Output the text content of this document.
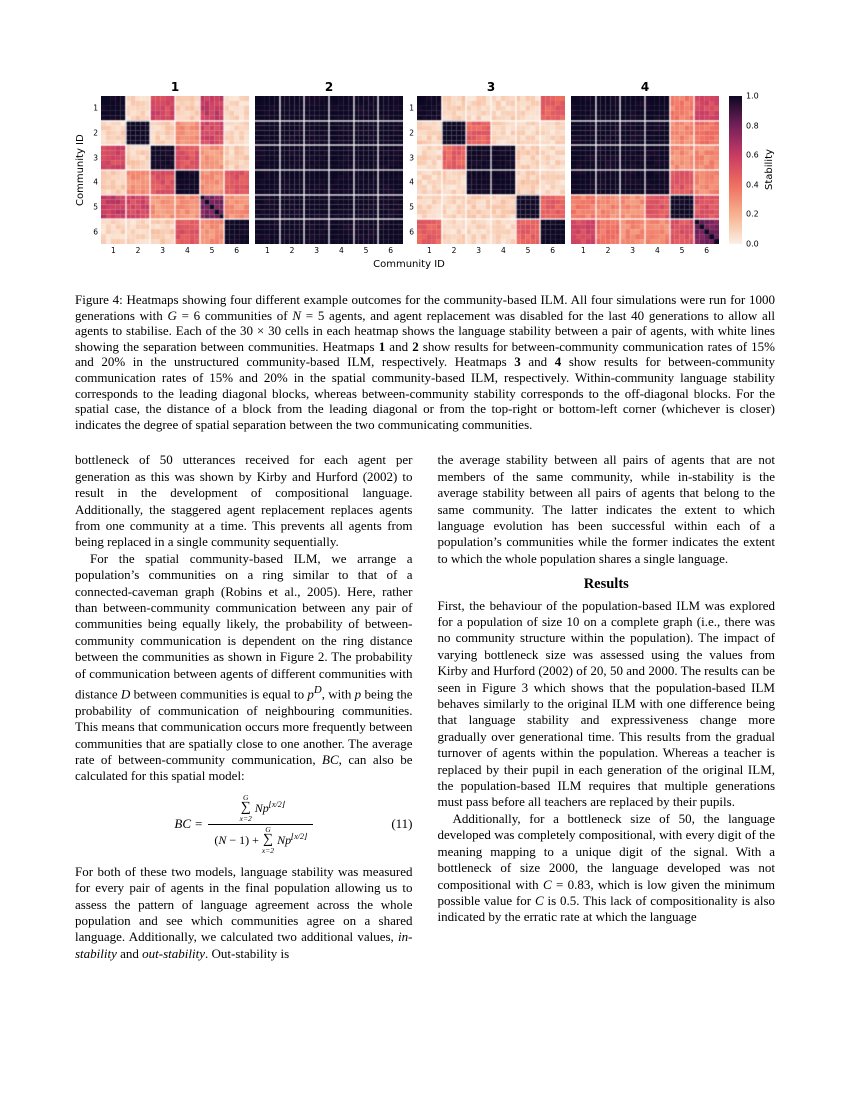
Community ID
1
1
2
3
4
5
6
1	2	3	4	5	6
2
1	2	3	4	5	6
3
1
2
3
4
5
6
1	2	3	4	5	6
4
1	2	3	4	5	6
1.0
0.8
0.6
0.4
0.2
0.0
Stability
Community ID

Figure 4: Heatmaps showing four different example outcomes for the community-based ILM. All four simulations were run for 1000 generations with G = 6 communities of N = 5 agents, and agent replacement was disabled for the last 40 generations to allow all agents to stabilise. Each of the 30 × 30 cells in each heatmap shows the language stability between a pair of agents, with white lines showing the separation between communities. Heatmaps 1 and 2 show results for between-community communication rates of 15% and 20% in the unstructured community-based ILM, respectively. Heatmaps 3 and 4 show results for between-community communication rates of 15% and 20% in the spatial community-based ILM, respectively. Within-community language stability corresponds to the leading diagonal blocks, whereas between-community stability corresponds to the off-diagonal blocks. For the spatial case, the distance of a block from the leading diagonal or from the top-right or bottom-left corner (whichever is closer) indicates the degree of spatial separation between the two communicating communities.

bottleneck of 50 utterances received for each agent per generation as this was shown by Kirby and Hurford (2002) to result in the development of compositional language. Additionally, the staggered agent replacement replaces agents from one community at a time. This prevents all agents from being replaced in a single community sequentially.

For the spatial community-based ILM, we arrange a population’s communities on a ring similar to that of a connected-caveman graph (Robins et al., 2005). Here, rather than between-community communication between any pair of communities being equally likely, the probability of between-community communication is dependent on the ring distance between the communities as shown in Figure 2. The probability of communication between agents of different communities with distance D between communities is equal to $p^D$, with p being the probability of communication of neighbouring communities. This means that communication occurs more frequently between communities that are spatially close to one another. The average rate of between-community communication, BC, can also be calculated for this spatial model:

BC =
G
∑
x=2
$Np^{⌊x/2⌋}$
(N − 1) +
G
∑
x=2
$Np^{⌊x/2⌋}$
(11)

For both of these two models, language stability was measured for every pair of agents in the final population allowing us to assess the pattern of language agreement across the whole population and see which communities agree on a shared language. Additionally, we calculated two additional values, in-stability and out-stability. Out-stability is

the average stability between all pairs of agents that are not members of the same community, while in-stability is the average stability between all pairs of agents that belong to the same community. The latter indicates the extent to which language evolution has been successful within each of a population’s communities while the former indicates the extent to which the whole population shares a single language.

Results

First, the behaviour of the population-based ILM was explored for a population of size 10 on a complete graph (i.e., there was no community structure within the population). The impact of varying bottleneck size was assessed using the values from Kirby and Hurford (2002) of 20, 50 and 2000. The results can be seen in Figure 3 which shows that the population-based ILM behaves similarly to the original ILM with one difference being that language stability and expressiveness change more gradually over generational time. This results from the gradual turnover of agents within the population. Whereas a teacher is replaced by their pupil in each generation of the original ILM, the population-based ILM requires that multiple generations must pass before all teachers are replaced by their pupils.

Additionally, for a bottleneck size of 50, the language developed was completely compositional, with every digit of the meaning mapping to a unique digit of the signal. With a bottleneck of size 2000, the language developed was not compositional with C = 0.83, which is low given the minimum possible value for C is 0.5. This lack of compositionality is also indicated by the erratic rate at which the language
